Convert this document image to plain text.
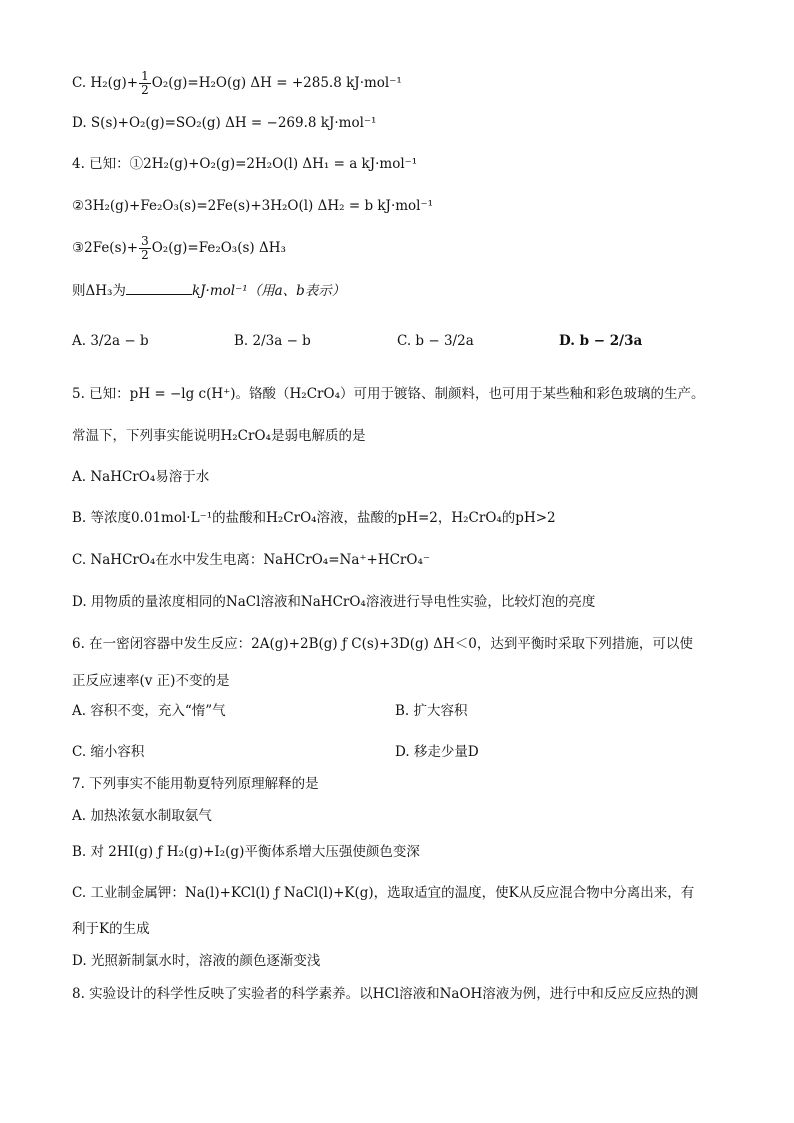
C. $H_2(g)+ \frac{1}{2} O_2(g)=H_2O(g) \Delta H = +285.8$ kJ·mol⁻¹
D. S(s)+O₂(g)=SO₂(g) ΔH = −269.8 kJ·mol⁻¹
4. 已知：①2H₂(g)+O₂(g)=2H₂O(l) ΔH₁ = a kJ·mol⁻¹
②3H₂(g)+Fe₂O₃(s)=2Fe(s)+3H₂O(l) ΔH₂ = b kJ·mol⁻¹
③2Fe(s)+ $\frac{3}{2} O_2(g)=Fe_2O_3(s)$ ΔH₃
则ΔH₃为	kJ·mol⁻¹（用a、b表示）
A. 3/2a − b	B. 2/3a − b	C. b − 3/2a	D. b − 2/3a
5. 已知：pH = −lg c(H⁺)。铬酸（H₂CrO₄）可用于镀铬、制颜料，也可用于某些釉和彩色玻璃的生产。
常温下，下列事实能说明H₂CrO₄是弱电解质的是
A. NaHCrO₄易溶于水
B. 等浓度0.01mol·L⁻¹的盐酸和H₂CrO₄溶液，盐酸的pH=2，H₂CrO₄的pH>2
C. NaHCrO₄在水中发生电离：NaHCrO₄=Na⁺+HCrO₄⁻
D. 用物质的量浓度相同的NaCl溶液和NaHCrO₄溶液进行导电性实验，比较灯泡的亮度
6. 在一密闭容器中发生反应：2A(g)+2B(g) ƒ C(s)+3D(g) ΔH＜0，达到平衡时采取下列措施，可以使
正反应速率(v 正)不变的是
A. 容积不变，充入“惰”气	B. 扩大容积
C. 缩小容积	D. 移走少量D
7. 下列事实不能用勒夏特列原理解释的是
A. 加热浓氨水制取氨气
B. 对 2HI(g) ƒ H₂(g)+I₂(g)平衡体系增大压强使颜色变深
C. 工业制金属钾：Na(l)+KCl(l) ƒ NaCl(l)+K(g)，选取适宜的温度，使K从反应混合物中分离出来，有
利于K的生成
D. 光照新制氯水时，溶液的颜色逐渐变浅
8. 实验设计的科学性反映了实验者的科学素养。以HCl溶液和NaOH溶液为例，进行中和反应反应热的测
